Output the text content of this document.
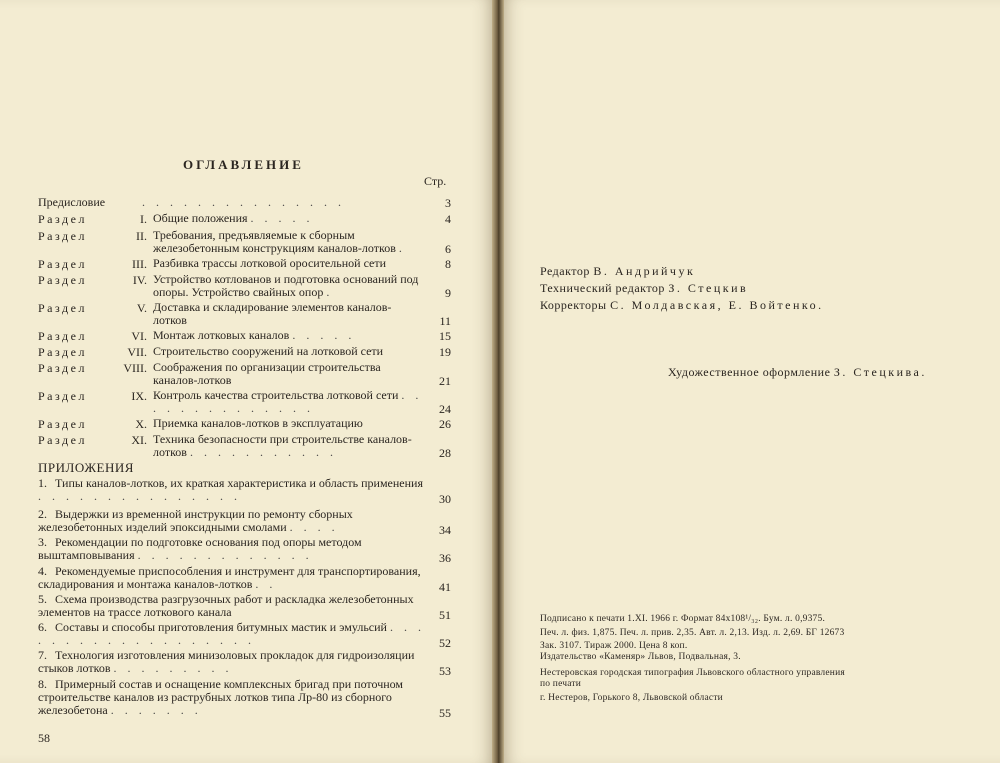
ОГЛАВЛЕНИЕ
Стр.
Предисловие	. . . . . . . . . . . . . . .	3
Раздел	I. Общие положения . . . . .	4
Раздел	II. Требования, предъявляемые к сборным железобетонным конструкциям каналов-лотков .	6
Раздел	III. Разбивка трассы лотковой оросительной сети	8
Раздел	IV. Устройство котлованов и подготовка оснований под опоры. Устройство свайных опор .	9
Раздел	V. Доставка и складирование элементов каналов-лотков	11
Раздел	VI. Монтаж лотковых каналов . . . . .	15
Раздел	VII. Строительство сооружений на лотковой сети	19
Раздел	VIII. Соображения по организации строительства каналов-лотков	21
Раздел	IX. Контроль качества строительства лотковой сети . . . . . . . . . . . . . .	24
Раздел	X. Приемка каналов-лотков в эксплуатацию	26
Раздел	XI. Техника безопасности при строительстве каналов-лотков . . . . . . . . . . .	28
ПРИЛОЖЕНИЯ
1. Типы каналов-лотков, их краткая характеристика и область применения . . . . . . . . . . . . . . .	30
2. Выдержки из временной инструкции по ремонту сборных железобетонных изделий эпоксидными смолами . . . .	34
3. Рекомендации по подготовке основания под опоры методом выштамповывания . . . . . . . . . . . . .	36
4. Рекомендуемые приспособления и инструмент для транспортирования, складирования и монтажа каналов-лотков . .	41
5. Схема производства разгрузочных работ и раскладка железобетонных элементов на трассе лоткового канала	51
6. Составы и способы приготовления битумных мастик и эмульсий . . . . . . . . . . . . . . . . . . .	52
7. Технология изготовления минизоловых прокладок для гидроизоляции стыков лотков . . . . . . . . .	53
8. Примерный состав и оснащение комплексных бригад при поточном строительстве каналов из раструбных лотков типа Лр-80 из сборного железобетона . . . . . . .	55
58
Редактор В. Андрийчук
Технический редактор З. Стецкив
Корректоры С. Молдавская, Е. Войтенко.
Художественное оформление З. Стецкива.
Подписано к печати 1.XI. 1966 г. Формат 84x108¹/₃₂. Бум. л. 0,9375.
Печ. л. физ. 1,875. Печ. л. прив. 2,35. Авт. л. 2,13. Изд. л. 2,69. БГ 12673
Зак. 3107. Тираж 2000. Цена 8 коп.
Издательство «Каменяр» Львов, Подвальная, 3.
Нестеровская городская типография Львовского областного управления
по печати
г. Нестеров, Горького 8, Львовской области
